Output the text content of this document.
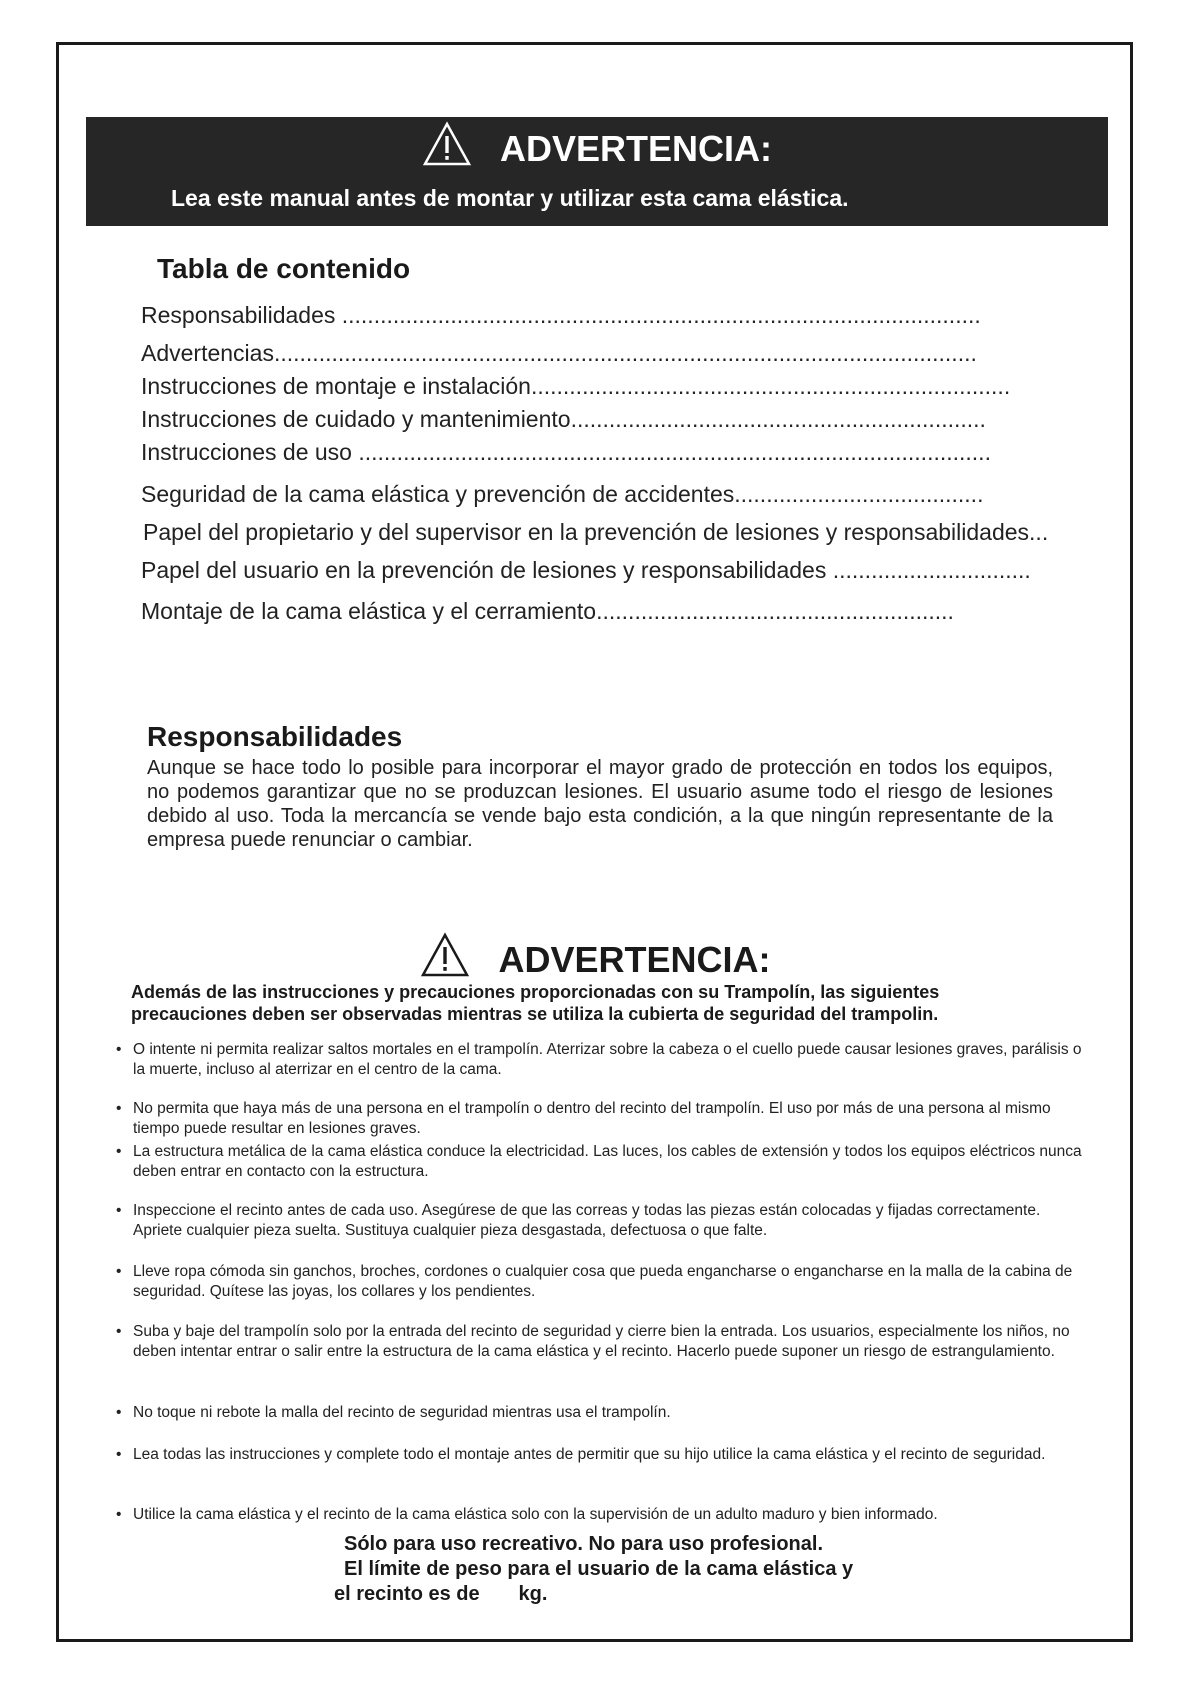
ADVERTENCIA:
Lea este manual antes de montar y utilizar esta cama elástica.
Tabla de contenido
Responsabilidades ....................................................................................................
Advertencias..............................................................................................................
Instrucciones de montaje e instalación...........................................................................
Instrucciones de cuidado y mantenimiento.................................................................
Instrucciones de uso ...................................................................................................
Seguridad de la cama elástica y prevención de accidentes.......................................
Papel del propietario y del supervisor en la prevención de lesiones y responsabilidades...
Papel del usuario en la prevención de lesiones y responsabilidades ...............................
Montaje de la cama elástica y el cerramiento........................................................
Responsabilidades
Aunque se hace todo lo posible para incorporar el mayor grado de protección en todos los equipos, no podemos garantizar que no se produzcan lesiones. El usuario asume todo el riesgo de lesiones debido al uso. Toda la mercancía se vende bajo esta condición, a la que ningún representante de la empresa puede renunciar o cambiar.
ADVERTENCIA:
Además de las instrucciones y precauciones proporcionadas con su Trampolín, las siguientes precauciones deben ser observadas mientras se utiliza la cubierta de seguridad del trampolin.
• O intente ni permita realizar saltos mortales en el trampolín. Aterrizar sobre la cabeza o el cuello puede causar lesiones graves, parálisis o la muerte, incluso al aterrizar en el centro de la cama.
• No permita que haya más de una persona en el trampolín o dentro del recinto del trampolín. El uso por más de una persona al mismo tiempo puede resultar en lesiones graves.
• La estructura metálica de la cama elástica conduce la electricidad. Las luces, los cables de extensión y todos los equipos eléctricos nunca deben entrar en contacto con la estructura.
• Inspeccione el recinto antes de cada uso. Asegúrese de que las correas y todas las piezas están colocadas y fijadas correctamente. Apriete cualquier pieza suelta. Sustituya cualquier pieza desgastada, defectuosa o que falte.
• Lleve ropa cómoda sin ganchos, broches, cordones o cualquier cosa que pueda engancharse o engancharse en la malla de la cabina de seguridad. Quítese las joyas, los collares y los pendientes.
• Suba y baje del trampolín solo por la entrada del recinto de seguridad y cierre bien la entrada. Los usuarios, especialmente los niños, no deben intentar entrar o salir entre la estructura de la cama elástica y el recinto. Hacerlo puede suponer un riesgo de estrangulamiento.
• No toque ni rebote la malla del recinto de seguridad mientras usa el trampolín.
• Lea todas las instrucciones y complete todo el montaje antes de permitir que su hijo utilice la cama elástica y el recinto de seguridad.
• Utilice la cama elástica y el recinto de la cama elástica solo con la supervisión de un adulto maduro y bien informado.
Sólo para uso recreativo. No para uso profesional.
El límite de peso para el usuario de la cama elástica y
el recinto es de       kg.
